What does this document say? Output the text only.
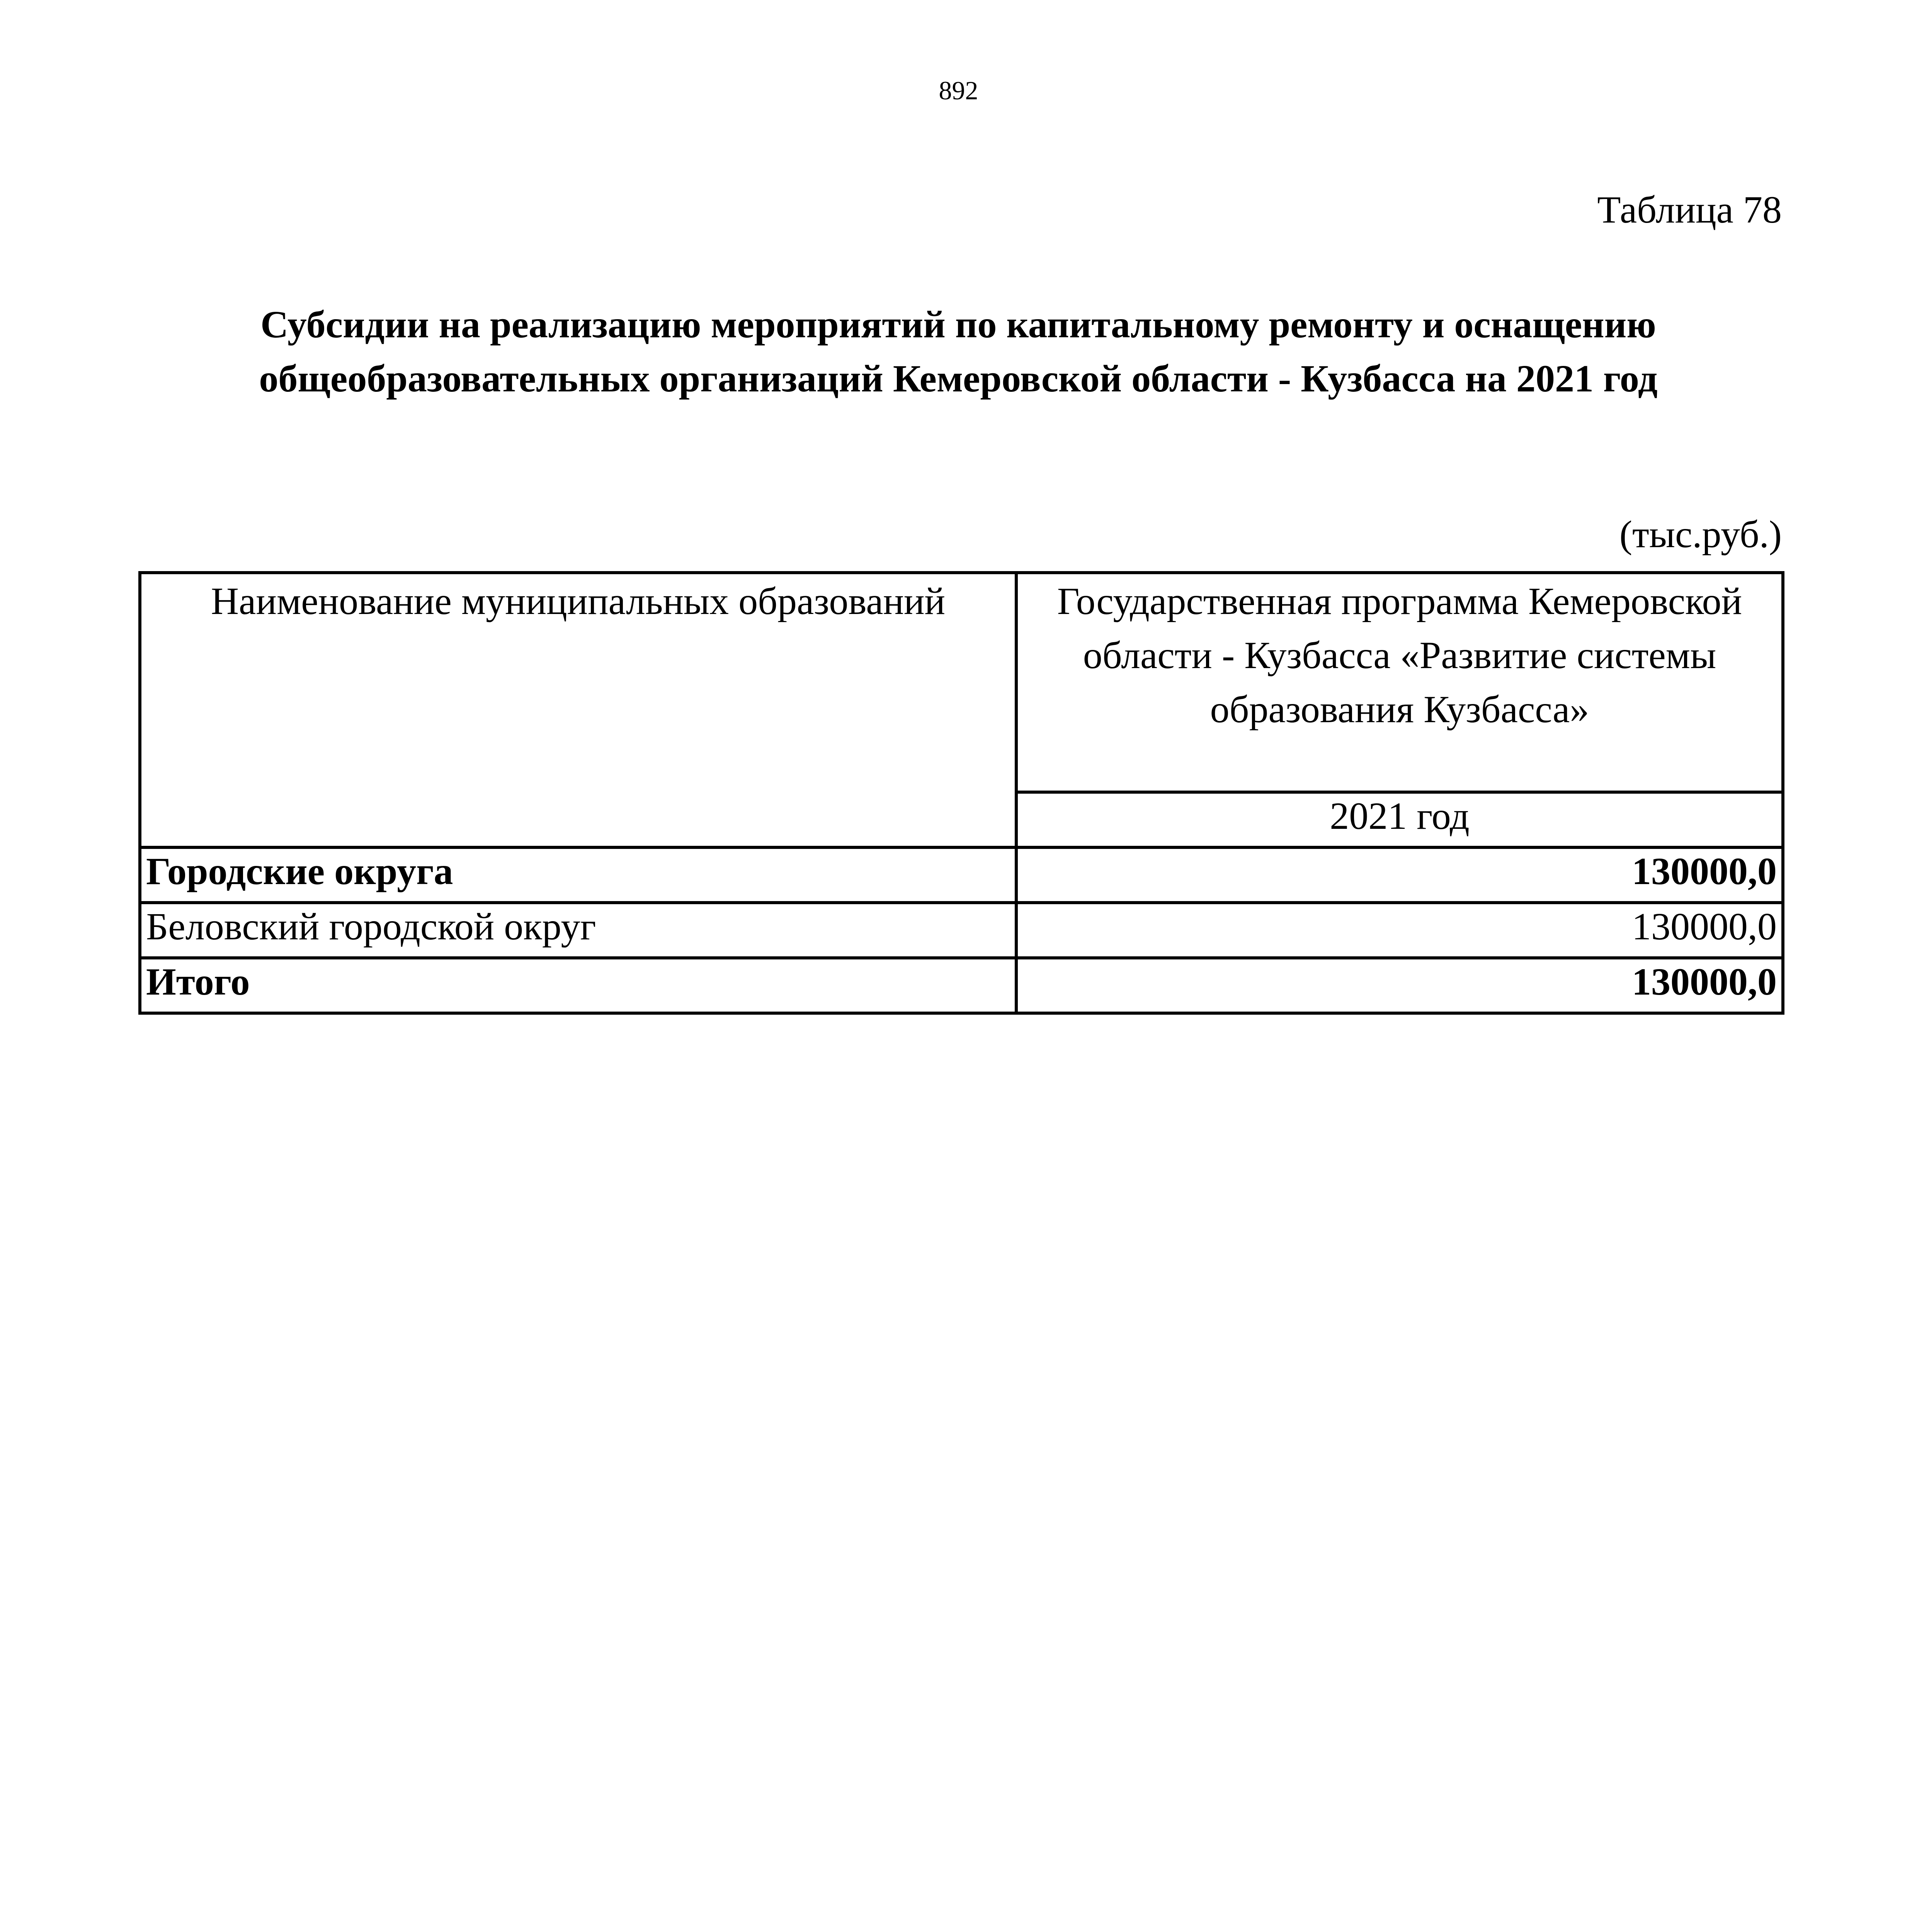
892
Таблица 78
Субсидии на реализацию мероприятий по капитальному ремонту и оснащению общеобразовательных организаций Кемеровской области - Кузбасса на 2021 год
(тыс.руб.)
Наименование муниципальных образований	Государственная программа Кемеровской области - Кузбасса «Развитие системы образования Кузбасса»
	2021 год
Городские округа	130000,0
Беловский городской округ	130000,0
Итого	130000,0
